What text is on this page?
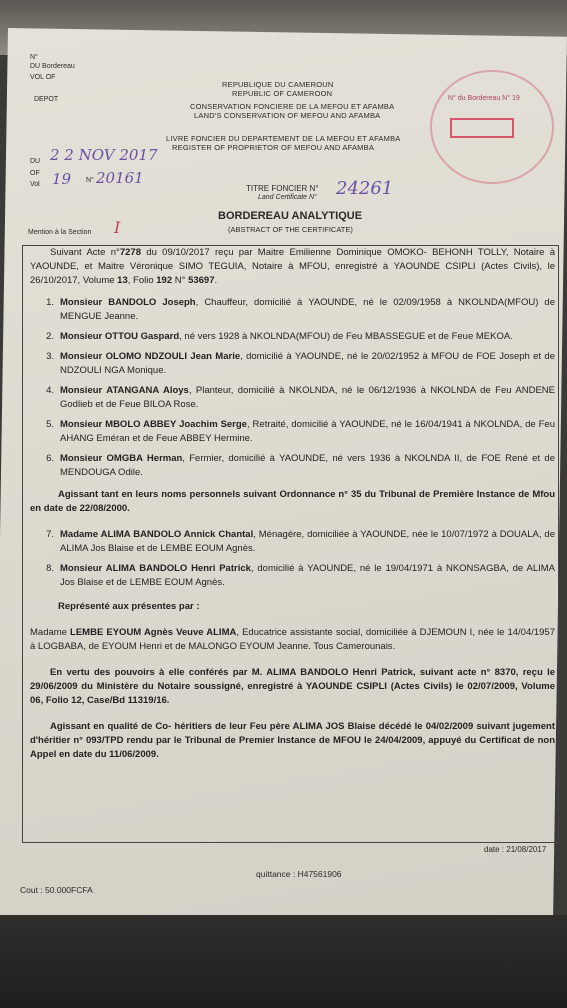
N°
DU Bordereau
VOL OF
DEPOT
REPUBLIQUE DU CAMEROUN
REPUBLIC OF CAMEROON
CONSERVATION FONCIERE DE LA MEFOU ET AFAMBA
LAND'S CONSERVATION OF MEFOU AND AFAMBA
LIVRE FONCIER DU DEPARTEMENT DE LA MEFOU ET AFAMBA
REGISTER OF PROPRIETOR OF MEFOU AND AFAMBA
DU
OF
Vol
2 2 NOV 2017
19 N° 20161
TITRE FONCIER N°
Land Certificate N° 24261
BORDEREAU ANALYTIQUE
(ABSTRACT OF THE CERTIFICATE)
Mention à la Section I
N° du Bordereau N° 19

Suivant Acte n°7278 du 09/10/2017 reçu par Maitre Emilienne Dominique OMOKO- BEHONH TOLLY, Notaire à YAOUNDE, et Maitre Véronique SIMO TEGUIA, Notaire à MFOU, enregistré à YAOUNDE CSIPLI (Actes Civils), le 26/10/2017, Volume 13, Folio 192 N° 53697.

1. Monsieur BANDOLO Joseph, Chauffeur, domicilié à YAOUNDE, né le 02/09/1958 à NKOLNDA(MFOU) de MENGUE Jeanne.
2. Monsieur OTTOU Gaspard, né vers 1928 à NKOLNDA(MFOU) de Feu MBASSEGUE et de Feue MEKOA.
3. Monsieur OLOMO NDZOULI Jean Marie, domicilié à YAOUNDE, né le 20/02/1952 à MFOU de FOE Joseph et de NDZOULI NGA Monique.
4. Monsieur ATANGANA Aloys, Planteur, domicilié à NKOLNDA, né le 06/12/1936 à NKOLNDA de Feu ANDENE Godlieb et de Feue BILOA Rose.
5. Monsieur MBOLO ABBEY Joachim Serge, Retraité, domicilié à YAOUNDE, né le 16/04/1941 à NKOLNDA, de Feu AHANG Eméran et de Feue ABBEY Hermine.
6. Monsieur OMGBA Herman, Fermier, domicilié à YAOUNDE, né vers 1936 à NKOLNDA II, de FOE René et de MENDOUGA Odile.

Agissant tant en leurs noms personnels suivant Ordonnance n° 35 du Tribunal de Première Instance de Mfou en date de 22/08/2000.

7. Madame ALIMA BANDOLO Annick Chantal, Ménagère, domiciliée à YAOUNDE, née le 10/07/1972 à DOUALA, de ALIMA Jos Blaise et de LEMBE EOUM Agnès.
8. Monsieur ALIMA BANDOLO Henri Patrick, domicilié à YAOUNDE, né le 19/04/1971 à NKONSAGBA, de ALIMA Jos Blaise et de LEMBE EOUM Agnès.

Représenté aux présentes par :

Madame LEMBE EYOUM Agnès Veuve ALIMA, Educatrice assistante social, domiciliée à DJEMOUN I, née le 14/04/1957 à LOGBABA, de EYOUM Henri et de MALONGO EYOUM Jeanne. Tous Camerounais.

En vertu des pouvoirs à elle conférés par M. ALIMA BANDOLO Henri Patrick, suivant acte n° 8370, reçu le 29/06/2009 du Ministère du Notaire soussigné, enregistré à YAOUNDE CSIPLI (Actes Civils) le 02/07/2009, Volume 06, Folio 12, Case/Bd 11319/16.

Agissant en qualité de Co- héritiers de leur Feu père ALIMA JOS Blaise décédé le 04/02/2009 suivant jugement d'héritier n° 093/TPD rendu par le Tribunal de Premier Instance de MFOU le 24/04/2009, appuyé du Certificat de non Appel en date du 11/06/2009.

date : 21/08/2017
quittance : H47561906
Cout : 50.000FCFA
